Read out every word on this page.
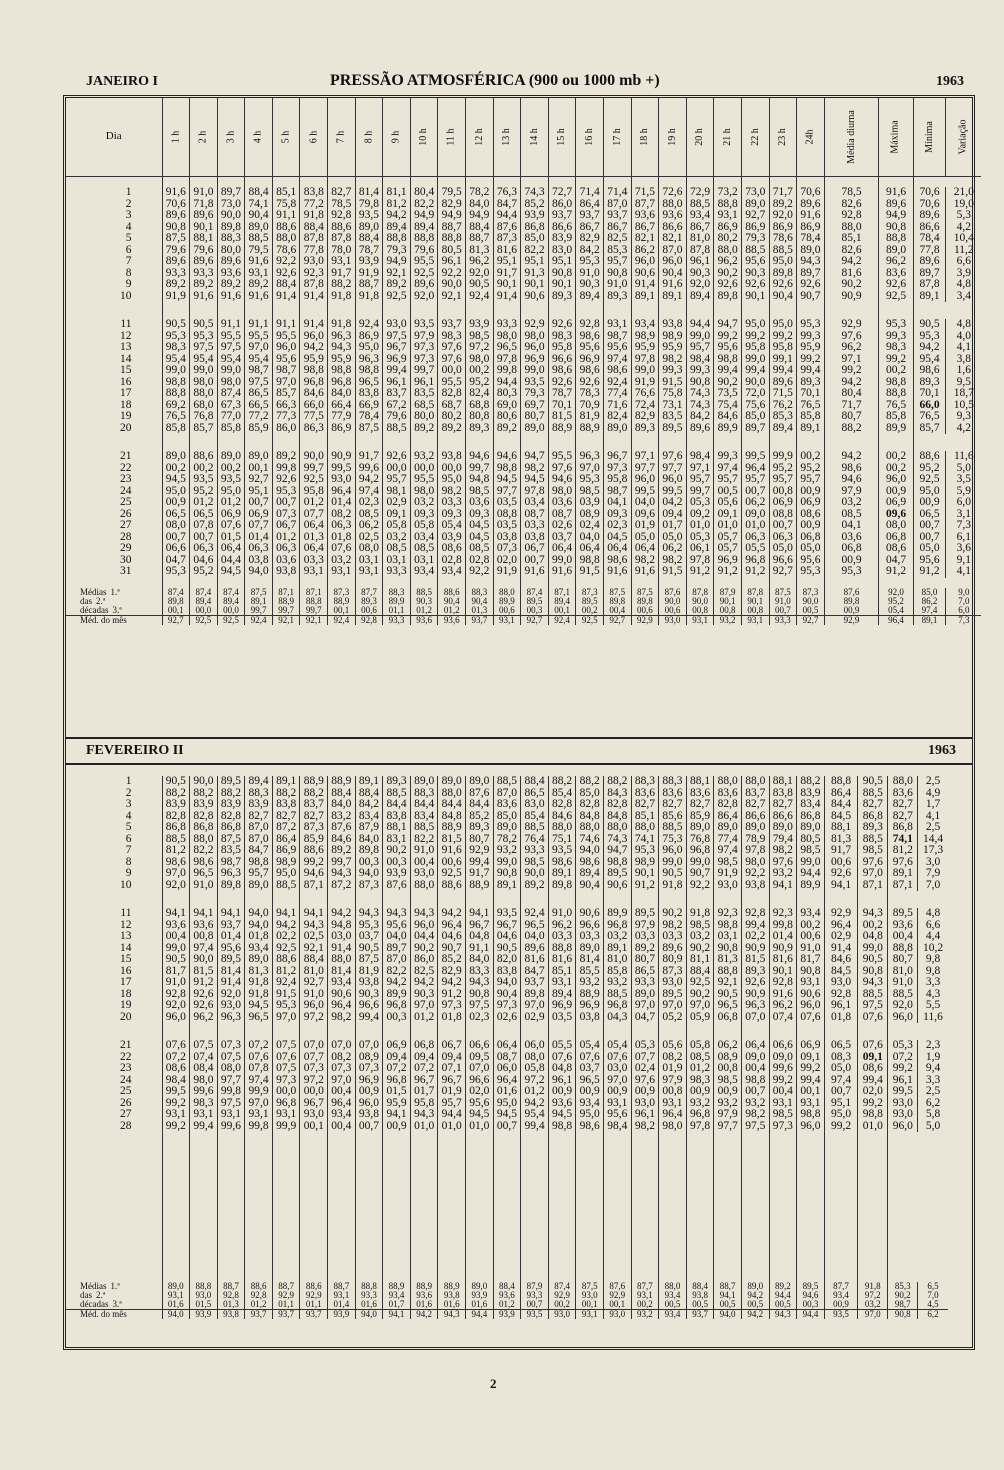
JANEIRO I	PRESSÃO ATMOSFÉRICA (900 ou 1000 mb +)	1963
Dia	1 h	2 h	3 h	4 h	5 h	6 h	7 h	8 h	9 h	10 h	11 h	12 h	13 h	14 h	15 h	16 h	17 h	18 h	19 h	20 h	21 h	22 h	23 h	24h	Média diurna	Máxima	Mínima	Variação

1	91,6	91,0	89,7	88,4	85,1	83,8	82,7	81,4	81,1	80,4	79,5	78,2	76,3	74,3	72,7	71,4	71,4	71,5	72,6	72,9	73,2	73,0	71,7	70,6	78,5	91,6	70,6	21,0
2	70,6	71,8	73,0	74,1	75,8	77,2	78,5	79,8	81,2	82,2	82,9	84,0	84,7	85,2	86,0	86,4	87,0	87,7	88,0	88,5	88,8	89,0	89,2	89,6	82,6	89,6	70,6	19,0
3	89,6	89,6	90,0	90,4	91,1	91,8	92,8	93,5	94,2	94,9	94,9	94,9	94,4	93,9	93,7	93,7	93,7	93,6	93,6	93,4	93,1	92,7	92,0	91,6	92,8	94,9	89,6	5,3
4	90,8	90,1	89,8	89,0	88,6	88,4	88,6	89,0	89,4	89,4	88,7	88,4	87,6	86,8	86,6	86,7	86,7	86,7	86,6	86,7	86,9	86,9	86,9	86,9	88,0	90,8	86,6	4,2
5	87,5	88,1	88,3	88,5	88,0	87,8	87,8	88,4	88,8	88,8	88,8	88,7	87,3	85,0	83,9	82,9	82,5	82,1	82,1	81,0	80,2	79,3	78,6	78,4	85,1	88,8	78,4	10,4
6	79,6	79,6	80,0	79,5	78,6	77,8	78,0	78,7	79,3	79,6	80,5	81,3	81,6	82,2	83,0	84,2	85,3	86,2	87,0	87,8	88,0	88,5	88,5	89,0	82,6	89,0	77,8	11,2
7	89,6	89,6	89,6	91,6	92,2	93,0	93,1	93,9	94,9	95,5	96,1	96,2	95,1	95,1	95,1	95,3	95,7	96,0	96,0	96,1	96,2	95,6	95,0	94,3	94,2	96,2	89,6	6,6
8	93,3	93,3	93,6	93,1	92,6	92,3	91,7	91,9	92,1	92,5	92,2	92,0	91,7	91,3	90,8	91,0	90,8	90,6	90,4	90,3	90,2	90,3	89,8	89,7	81,6	83,6	89,7	3,9
9	89,2	89,2	89,2	89,2	88,4	87,8	88,2	88,7	89,2	89,6	90,0	90,5	90,1	90,1	90,1	90,3	91,0	91,4	91,6	92,0	92,6	92,6	92,6	92,6	90,2	92,6	87,8	4,8
10	91,9	91,6	91,6	91,6	91,4	91,4	91,8	91,8	92,5	92,0	92,1	92,4	91,4	90,6	89,3	89,4	89,3	89,1	89,1	89,4	89,8	90,1	90,4	90,7	90,9	92,5	89,1	3,4

11	90,5	90,5	91,1	91,1	91,1	91,4	91,8	92,4	93,0	93,5	93,7	93,9	93,3	92,9	92,6	92,8	93,1	93,4	93,8	94,4	94,7	95,0	95,0	95,3	92,9	95,3	90,5	4,8
12	95,3	95,3	95,5	95,5	95,5	96,0	96,3	86,9	97,5	97,9	98,3	98,5	98,0	98,0	98,3	98,6	98,7	98,9	98,9	99,0	99,2	99,2	99,2	99,3	97,6	99,3	95,3	4,0
13	98,3	97,5	97,5	97,0	96,0	94,2	94,3	95,0	96,7	97,3	97,6	97,2	96,5	96,0	95,8	95,6	95,6	95,9	95,9	95,7	95,6	95,8	95,8	95,9	96,2	98,3	94,2	4,1
14	95,4	95,4	95,4	95,4	95,6	95,9	95,9	96,3	96,9	97,3	97,6	98,0	97,8	96,9	96,6	96,9	97,4	97,8	98,2	98,4	98,8	99,0	99,1	99,2	97,1	99,2	95,4	3,8
15	99,0	99,0	99,0	98,7	98,7	98,8	98,8	98,8	99,4	99,7	00,0	00,2	99,8	99,0	98,6	98,6	98,6	99,0	99,3	99,3	99,4	99,4	99,4	99,4	99,2	00,2	98,6	1,6
16	98,8	98,0	98,0	97,5	97,0	96,8	96,8	96,5	96,1	96,1	95,5	95,2	94,4	93,5	92,6	92,6	92,4	91,9	91,5	90,8	90,2	90,0	89,6	89,3	94,2	98,8	89,3	9,5
17	88,8	88,0	87,4	86,5	85,7	84,6	84,0	83,8	83,7	83,5	82,8	82,4	80,3	79,3	78,7	78,3	77,4	76,6	75,8	74,3	73,5	72,0	71,5	70,1	80,4	88,8	70,1	18,7
18	69,2	68,0	67,3	66,5	66,3	66,0	66,4	66,9	67,2	68,5	68,7	68,8	69,0	69,7	70,1	70,9	71,6	72,4	73,1	74,3	75,4	75,6	76,2	76,5	71,7	76,5	66,0	10,5
19	76,5	76,8	77,0	77,2	77,3	77,5	77,9	78,4	79,6	80,0	80,2	80,8	80,6	80,7	81,5	81,9	82,4	82,9	83,5	84,2	84,6	85,0	85,3	85,8	80,7	85,8	76,5	9,3
20	85,8	85,7	85,8	85,9	86,0	86,3	86,9	87,5	88,5	89,2	89,2	89,3	89,2	89,0	88,9	88,9	89,0	89,3	89,5	89,6	89,9	89,7	89,4	89,1	88,2	89,9	85,7	4,2

21	89,0	88,6	89,0	89,0	89,2	90,0	90,9	91,7	92,6	93,2	93,8	94,6	94,6	94,7	95,5	96,3	96,7	97,1	97,6	98,4	99,3	99,5	99,9	00,2	94,2	00,2	88,6	11,6
22	00,2	00,2	00,2	00,1	99,8	99,7	99,5	99,6	00,0	00,0	00,0	99,7	98,8	98,2	97,6	97,0	97,3	97,7	97,7	97,1	97,4	96,4	95,2	95,2	98,6	00,2	95,2	5,0
23	94,5	93,5	93,5	92,7	92,6	92,5	93,0	94,2	95,7	95,5	95,0	94,8	94,5	94,5	94,6	95,3	95,8	96,0	96,0	95,7	95,7	95,7	95,7	95,7	94,6	96,0	92,5	3,5
24	95,0	95,2	95,0	95,1	95,3	95,8	96,4	97,4	98,1	98,0	98,2	98,5	97,7	97,8	98,0	98,5	98,7	99,5	99,5	99,7	00,5	00,7	00,8	00,9	97,9	00,9	95,0	5,9
25	00,9	01,2	01,2	00,7	00,7	01,2	01,4	02,3	02,9	03,2	03,3	03,6	03,5	03,4	03,6	03,9	04,1	04,0	04,2	05,3	05,6	06,2	06,9	06,9	03,2	06,9	00,9	6,0
26	06,5	06,5	06,9	06,9	07,3	07,7	08,2	08,5	09,1	09,3	09,3	09,3	08,8	08,7	08,7	08,9	09,3	09,6	09,4	09,2	09,1	09,0	08,8	08,6	08,5	09,6	06,5	3,1
27	08,0	07,8	07,6	07,7	06,7	06,4	06,3	06,2	05,8	05,8	05,4	04,5	03,5	03,3	02,6	02,4	02,3	01,9	01,7	01,0	01,0	01,0	00,7	00,9	04,1	08,0	00,7	7,3
28	00,7	00,7	01,5	01,4	01,2	01,3	01,8	02,5	03,2	03,4	03,9	04,5	03,8	03,8	03,7	04,0	04,5	05,0	05,0	05,3	05,7	06,3	06,3	06,8	03,6	06,8	00,7	6,1
29	06,6	06,3	06,4	06,3	06,3	06,4	07,6	08,0	08,5	08,5	08,6	08,5	07,3	06,7	06,4	06,4	06,4	06,4	06,2	06,1	05,7	05,5	05,0	05,0	06,8	08,6	05,0	3,6
30	04,7	04,6	04,4	03,8	03,6	03,3	03,2	03,1	03,1	03,1	02,8	02,8	02,0	00,7	99,0	98,8	98,6	98,2	98,2	97,8	96,9	96,8	96,6	95,6	00,9	04,7	95,6	9,1
31	95,3	95,2	94,5	94,0	93,8	93,1	93,1	93,1	93,3	93,4	93,4	92,2	91,9	91,6	91,6	91,5	91,6	91,6	91,5	91,2	91,2	91,2	92,7	95,3	95,3	91,2	91,2	4,1

Médias 1.ª	87,4	87,4	87,4	87,5	87,1	87,1	87,3	87,7	88,3	88,5	88,6	88,3	88,0	87,4	87,1	87,3	87,5	87,5	87,6	87,8	87,9	87,8	87,5	87,3	87,6	92,0	85,0	9,0
das 2.ª	89,8	89,4	89,4	89,1	88,9	88,8	88,9	89,3	89,9	90,3	90,4	90,4	89,9	89,5	89,4	89,5	89,8	89,8	90,0	90,0	90,1	90,1	91,0	90,0	89,8	95,2	86,2	7,0
décadas 3.ª	00,1	00,0	00,0	99,7	99,7	99,7	00,1	00,6	01,1	01,2	01,2	01,3	00,6	00,3	00,1	00,2	00,4	00,6	00,6	00,8	00,8	00,8	00,7	00,5	00,9	05,4	97,4	6,0
Méd. do mês	92,7	92,5	92,5	92,4	92,1	92,1	92,4	92,8	93,3	93,6	93,6	93,7	93,1	92,7	92,4	92,5	92,7	92,9	93,0	93,1	93,2	93,1	93,3	92,7	92,9	96,4	89,1	7,3
FEVEREIRO II	1963
1	90,5	90,0	89,5	89,4	89,1	88,9	88,9	89,1	89,3	89,0	89,0	89,0	88,5	88,4	88,2	88,2	88,2	88,3	88,3	88,1	88,0	88,0	88,1	88,2	88,8	90,5	88,0	2,5
2	88,2	88,2	88,2	88,3	88,2	88,2	88,4	88,4	88,5	88,3	88,0	87,6	87,0	86,5	85,4	85,0	84,3	83,6	83,6	83,6	83,6	83,7	83,8	83,9	86,4	88,5	83,6	4,9
3	83,9	83,9	83,9	83,9	83,8	83,7	84,0	84,2	84,4	84,4	84,4	84,4	83,6	83,0	82,8	82,8	82,8	82,7	82,7	82,7	82,8	82,7	82,7	83,4	84,4	82,7	82,7	1,7
4	82,8	82,8	82,8	82,7	82,7	82,7	83,2	83,4	83,8	83,4	84,8	85,2	85,0	85,4	84,6	84,8	84,8	85,1	85,6	85,9	86,4	86,6	86,6	86,8	84,5	86,8	82,7	4,1
5	86,8	86,8	86,8	87,0	87,2	87,3	87,6	87,9	88,1	88,5	88,9	89,3	89,0	88,5	88,0	88,0	88,0	88,0	88,5	89,0	89,0	89,0	89,0	89,0	88,1	89,3	86,8	2,5
6	88,5	88,0	87,5	87,0	86,4	85,9	84,6	84,0	83,1	82,2	81,5	80,7	78,2	76,4	75,1	74,6	74,3	74,1	75,3	76,8	77,4	78,9	79,4	80,5	81,3	88,5	74,1	14,4
7	81,2	82,2	83,5	84,7	86,9	88,6	89,2	89,8	90,2	91,0	91,6	92,9	93,2	93,3	93,5	94,0	94,7	95,3	96,0	96,8	97,4	97,8	98,2	98,5	91,7	98,5	81,2	17,3
8	98,6	98,6	98,7	98,8	98,9	99,2	99,7	00,3	00,3	00,4	00,6	99,4	99,0	98,5	98,6	98,6	98,8	98,9	99,0	99,0	98,5	98,0	97,6	99,0	00,6	97,6	97,6	3,0
9	97,0	96,5	96,3	95,7	95,0	94,6	94,3	94,0	93,9	93,0	92,5	91,7	90,8	90,0	89,1	89,4	89,5	90,1	90,5	90,7	91,9	92,2	93,2	94,4	92,6	97,0	89,1	7,9
10	92,0	91,0	89,8	89,0	88,5	87,1	87,2	87,3	87,6	88,0	88,6	88,9	89,1	89,2	89,8	90,4	90,6	91,2	91,8	92,2	93,0	93,8	94,1	89,9	94,1	87,1	87,1	7,0

11	94,1	94,1	94,1	94,0	94,1	94,1	94,2	94,3	94,3	94,3	94,2	94,1	93,5	92,4	91,0	90,6	89,9	89,5	90,2	91,8	92,3	92,8	92,3	93,4	92,9	94,3	89,5	4,8
12	93,6	93,6	93,7	94,0	94,2	94,3	94,8	95,3	95,6	96,0	96,4	96,7	96,7	96,5	96,2	96,6	96,8	97,9	98,2	98,5	98,8	99,4	99,8	00,2	96,4	00,2	93,6	6,6
13	00,4	00,8	01,4	01,8	02,2	02,5	03,0	03,7	04,0	04,4	04,6	04,8	04,6	04,0	03,3	03,3	03,2	03,3	03,3	03,2	03,1	02,2	01,4	00,6	02,9	04,8	00,4	4,4
14	99,0	97,4	95,6	93,4	92,5	92,1	91,4	90,5	89,7	90,2	90,7	91,1	90,5	89,6	88,8	89,0	89,1	89,2	89,6	90,2	90,8	90,9	90,9	91,0	91,4	99,0	88,8	10,2
15	90,5	90,0	89,5	89,0	88,6	88,4	88,0	87,5	87,0	86,0	85,2	84,0	82,0	81,6	81,6	81,4	81,0	80,7	80,9	81,1	81,3	81,5	81,6	81,7	84,6	90,5	80,7	9,8
16	81,7	81,5	81,4	81,3	81,2	81,0	81,4	81,9	82,2	82,5	82,9	83,3	83,8	84,7	85,1	85,5	85,8	86,5	87,3	88,4	88,8	89,3	90,1	90,8	84,5	90,8	81,0	9,8
17	91,0	91,2	91,4	91,8	92,4	92,7	93,4	93,8	94,2	94,2	94,2	94,3	94,0	93,7	93,1	93,2	93,2	93,3	93,0	92,5	92,1	92,6	92,8	93,1	93,0	94,3	91,0	3,3
18	92,8	92,6	92,0	91,8	91,5	91,0	90,6	90,3	89,9	90,3	91,2	90,8	90,4	89,8	89,4	88,9	88,5	89,0	89,5	90,2	90,5	90,9	91,6	90,6	92,8	88,5	88,5	4,3
19	92,0	92,6	93,0	94,5	95,3	96,0	96,4	96,6	96,8	97,0	97,3	97,5	97,3	97,0	96,9	96,9	96,8	97,0	97,0	97,0	96,5	96,3	96,2	96,0	96,1	97,5	92,0	5,5
20	96,0	96,2	96,3	96,5	97,0	97,2	98,2	99,4	00,3	01,2	01,8	02,3	02,6	02,9	03,5	03,8	04,3	04,7	05,2	05,9	06,8	07,0	07,4	07,6	01,8	07,6	96,0	11,6

21	07,6	07,5	07,3	07,2	07,5	07,0	07,0	07,0	06,9	06,8	06,7	06,6	06,4	06,0	05,5	05,4	05,4	05,3	05,6	05,8	06,2	06,4	06,6	06,9	06,5	07,6	05,3	2,3
22	07,2	07,4	07,5	07,6	07,6	07,7	08,2	08,9	09,4	09,4	09,4	09,5	08,7	08,0	07,6	07,6	07,6	07,7	08,2	08,5	08,9	09,0	09,0	09,1	08,3	09,1	07,2	1,9
23	08,6	08,4	08,0	07,8	07,5	07,3	07,3	07,3	07,2	07,2	07,1	07,0	06,0	05,8	04,8	03,7	03,0	02,4	01,9	01,2	00,8	00,4	99,6	99,2	05,0	08,6	99,2	9,4
24	98,4	98,0	97,7	97,4	97,3	97,2	97,0	96,9	96,8	96,7	96,7	96,6	96,4	97,2	96,1	96,5	97,0	97,6	97,9	98,3	98,5	98,8	99,2	99,4	97,4	99,4	96,1	3,3
25	99,5	99,6	99,8	99,9	00,0	00,0	00,4	00,9	01,5	01,7	01,9	02,0	01,6	01,2	00,9	00,9	00,9	00,9	00,8	00,9	00,9	00,7	00,4	00,1	00,7	02,0	99,5	2,5
26	99,2	98,3	97,5	97,0	96,8	96,7	96,4	96,0	95,9	95,8	95,7	95,6	95,0	94,2	93,6	93,4	93,1	93,0	93,1	93,2	93,2	93,2	93,1	93,1	95,1	99,2	93,0	6,2
27	93,1	93,1	93,1	93,1	93,1	93,0	93,4	93,8	94,1	94,3	94,4	94,5	94,5	95,4	94,5	95,0	95,6	96,1	96,4	96,8	97,9	98,2	98,5	98,8	95,0	98,8	93,0	5,8
28	99,2	99,4	99,6	99,8	99,9	00,1	00,4	00,7	00,9	01,0	01,0	01,0	00,7	99,4	98,8	98,6	98,4	98,2	98,0	97,8	97,7	97,5	97,3	96,0	99,2	01,0	96,0	5,0

Médias 1.ª	89,0	88,8	88,7	88,6	88,7	88,6	88,7	88,8	88,9	88,9	88,9	89,0	88,4	87,9	87,4	87,5	87,6	87,7	88,0	88,4	88,7	89,0	89,2	89,5	87,7	91,8	85,3	6,5
das 2.ª	93,1	93,0	92,8	92,8	92,9	92,9	93,1	93,3	93,4	93,6	93,8	93,9	93,6	93,3	92,9	93,0	92,9	93,1	93,4	93,8	94,1	94,2	94,4	94,6	93,4	97,2	90,2	7,0
décadas 3.ª	01,6	01,5	01,3	01,2	01,1	01,1	01,4	01,6	01,7	01,6	01,6	01,6	01,2	00,7	00,2	00,1	00,1	00,2	00,5	00,5	00,5	00,5	00,5	00,3	00,9	03,2	98,7	4,5
Méd. do mês	94,0	93,9	93,8	93,7	93,7	93,7	93,9	94,0	94,1	94,2	94,3	94,4	93,9	93,5	93,0	93,1	93,0	93,2	93,4	93,7	94,0	94,2	94,3	94,4	93,5	97,0	90,8	6,2
2
